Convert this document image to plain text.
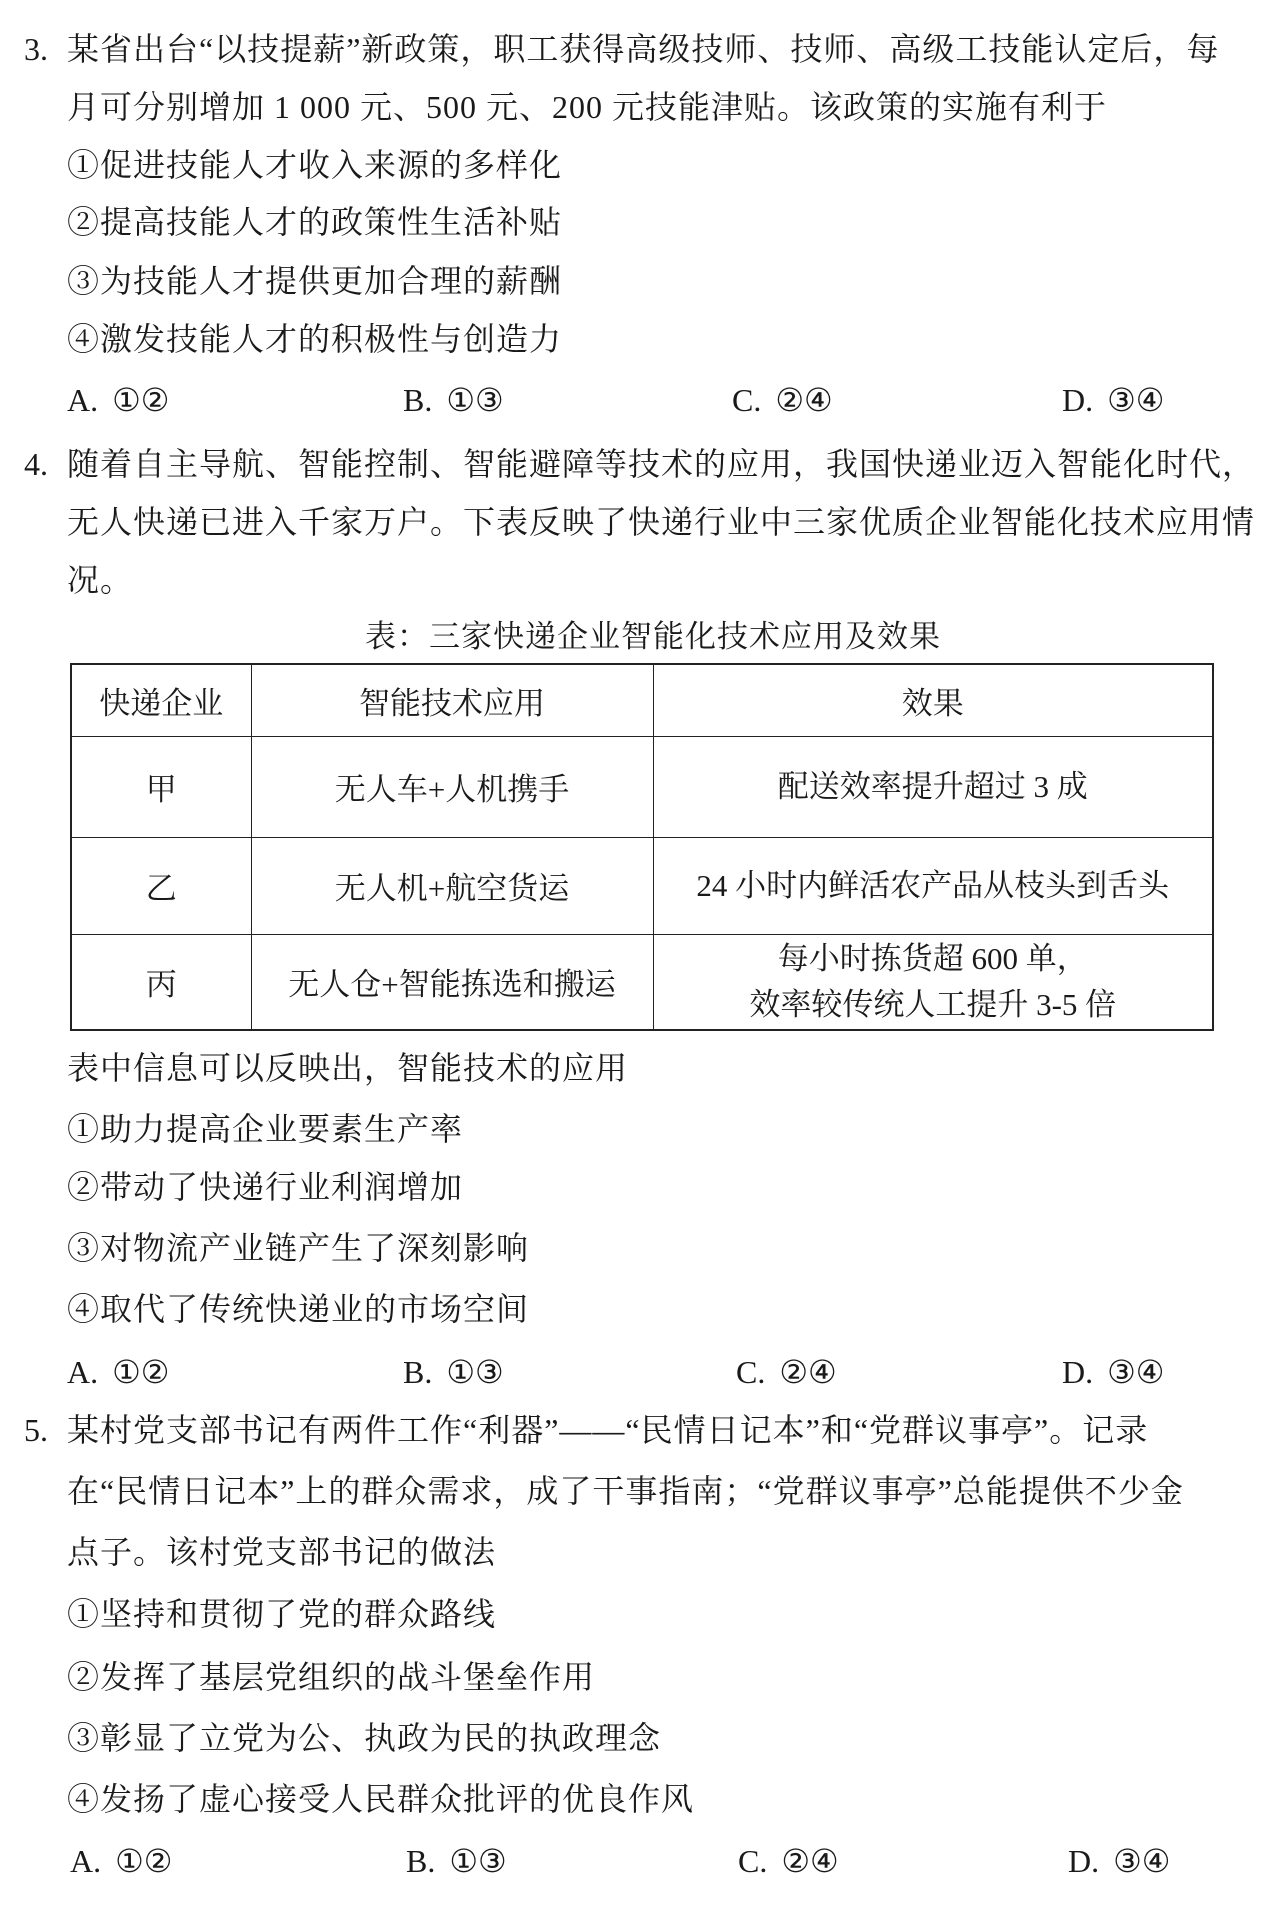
3. 某省出台“以技提薪”新政策，职工获得高级技师、技师、高级工技能认定后，每
月可分别增加 1 000 元、500 元、200 元技能津贴。该政策的实施有利于
①促进技能人才收入来源的多样化
②提高技能人才的政策性生活补贴
③为技能人才提供更加合理的薪酬
④激发技能人才的积极性与创造力
A. ①②	B. ①③	C. ②④	D. ③④
4. 随着自主导航、智能控制、智能避障等技术的应用，我国快递业迈入智能化时代，
无人快递已进入千家万户。下表反映了快递行业中三家优质企业智能化技术应用情
况。
表：三家快递企业智能化技术应用及效果
快递企业	智能技术应用	效果
甲	无人车+人机携手	配送效率提升超过 3 成

乙	无人机+航空货运	24 小时内鲜活农产品从枝头到舌头

丙	无人仓+智能拣选和搬运	每小时拣货超 600 单，
效率较传统人工提升 3-5 倍
表中信息可以反映出，智能技术的应用
①助力提高企业要素生产率
②带动了快递行业利润增加
③对物流产业链产生了深刻影响
④取代了传统快递业的市场空间
A. ①②	B. ①③	C. ②④	D. ③④
5. 某村党支部书记有两件工作“利器”——“民情日记本”和“党群议事亭”。记录
在“民情日记本”上的群众需求，成了干事指南；“党群议事亭”总能提供不少金
点子。该村党支部书记的做法
①坚持和贯彻了党的群众路线
②发挥了基层党组织的战斗堡垒作用
③彰显了立党为公、执政为民的执政理念
④发扬了虚心接受人民群众批评的优良作风
A. ①②	B. ①③	C. ②④	D. ③④
